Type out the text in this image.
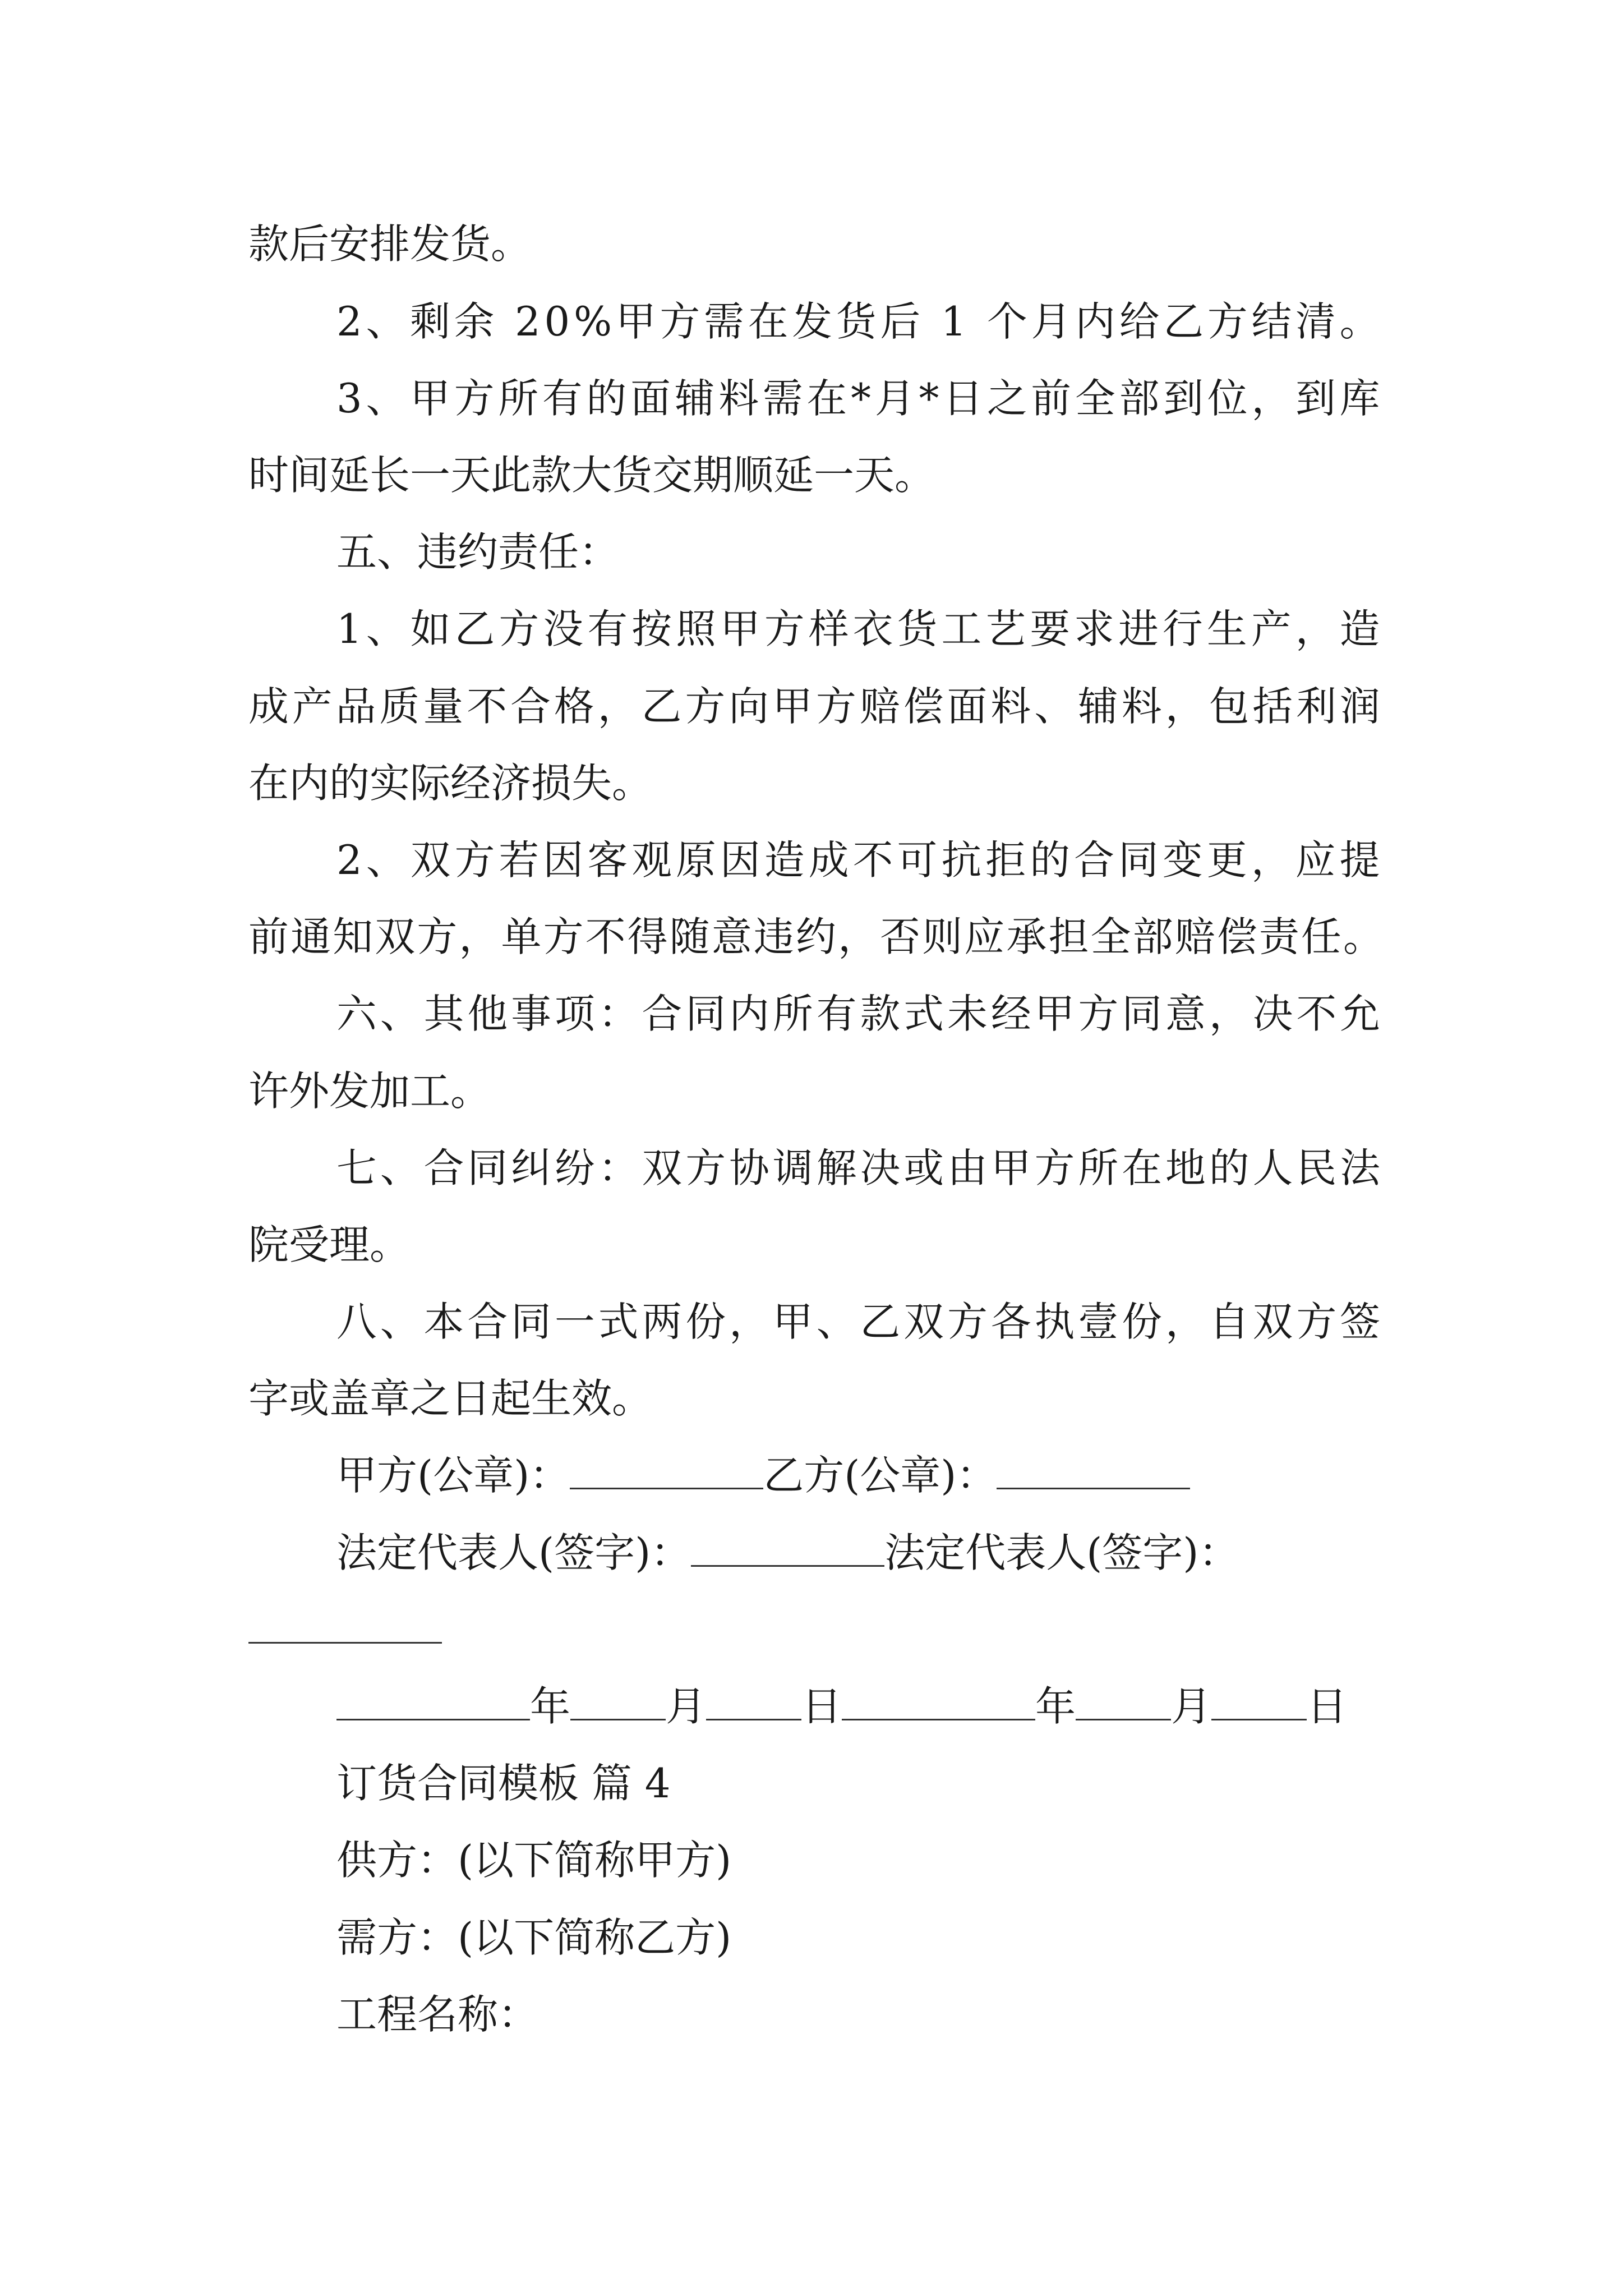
款后安排发货。
2、剩余 20%甲方需在发货后 1 个月内给乙方结清。
3、甲方所有的面辅料需在*月*日之前全部到位，到库
时间延长一天此款大货交期顺延一天。
五、违约责任：
1、如乙方没有按照甲方样衣货工艺要求进行生产，造
成产品质量不合格，乙方向甲方赔偿面料、辅料，包括利润
在内的实际经济损失。
2、双方若因客观原因造成不可抗拒的合同变更，应提
前通知双方，单方不得随意违约，否则应承担全部赔偿责任。
六、其他事项：合同内所有款式未经甲方同意，决不允
许外发加工。
七、合同纠纷：双方协调解决或由甲方所在地的人民法
院受理。
八、本合同一式两份，甲、乙双方各执壹份，自双方签
字或盖章之日起生效。
甲方(公章)：	乙方(公章)：
法定代表人(签字)：	法定代表人(签字)：
年 月 日	年 月 日
订货合同模板 篇 4
供方：(以下简称甲方)
需方：(以下简称乙方)
工程名称：
